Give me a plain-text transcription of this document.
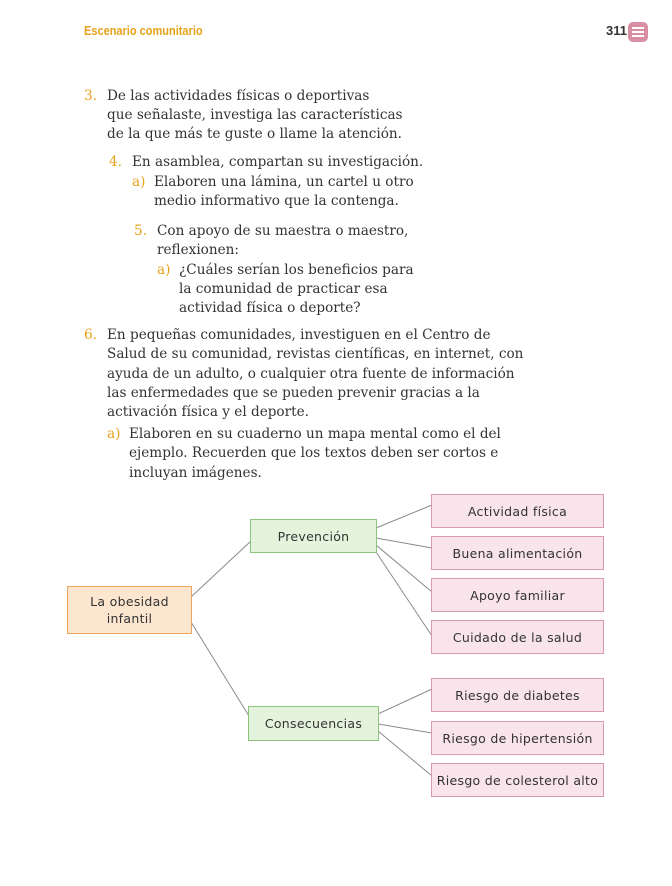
Escenario comunitario	311
3. De las actividades físicas o deportivas
que señalaste, investiga las características
de la que más te guste o llame la atención.
4. En asamblea, compartan su investigación.
a) Elaboren una lámina, un cartel u otro
medio informativo que la contenga.
5. Con apoyo de su maestra o maestro,
reflexionen:
a) ¿Cuáles serían los beneficios para
la comunidad de practicar esa
actividad física o deporte?
6. En pequeñas comunidades, investiguen en el Centro de
Salud de su comunidad, revistas científicas, en internet, con
ayuda de un adulto, o cualquier otra fuente de información
las enfermedades que se pueden prevenir gracias a la
activación física y el deporte.
a) Elaboren en su cuaderno un mapa mental como el del
ejemplo. Recuerden que los textos deben ser cortos e
incluyan imágenes.
La obesidad
infantil
Prevención
Consecuencias
Actividad física
Buena alimentación
Apoyo familiar
Cuidado de la salud
Riesgo de diabetes
Riesgo de hipertensión
Riesgo de colesterol alto
